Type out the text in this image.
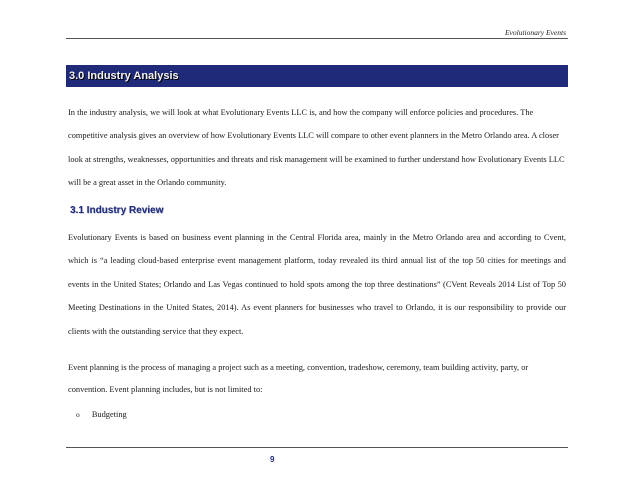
Evolutionary Events
3.0 Industry Analysis

In the industry analysis, we will look at what Evolutionary Events LLC is, and how the company will enforce policies and procedures. The competitive analysis gives an overview of how Evolutionary Events LLC will compare to other event planners in the Metro Orlando area. A closer look at strengths, weaknesses, opportunities and threats and risk management will be examined to further understand how Evolutionary Events LLC will be a great asset in the Orlando community.

3.1 Industry Review

Evolutionary Events is based on business event planning in the Central Florida area, mainly in the Metro Orlando area and according to Cvent, which is “a leading cloud-based enterprise event management platform, today revealed its third annual list of the top 50 cities for meetings and events in the United States; Orlando and Las Vegas continued to hold spots among the top three destinations” (CVent Reveals 2014 List of Top 50 Meeting Destinations in the United States, 2014). As event planners for businesses who travel to Orlando, it is our responsibility to provide our clients with the outstanding service that they expect.

Event planning is the process of managing a project such as a meeting, convention, tradeshow, ceremony, team building activity, party, or convention. Event planning includes, but is not limited to:

o Budgeting
9
